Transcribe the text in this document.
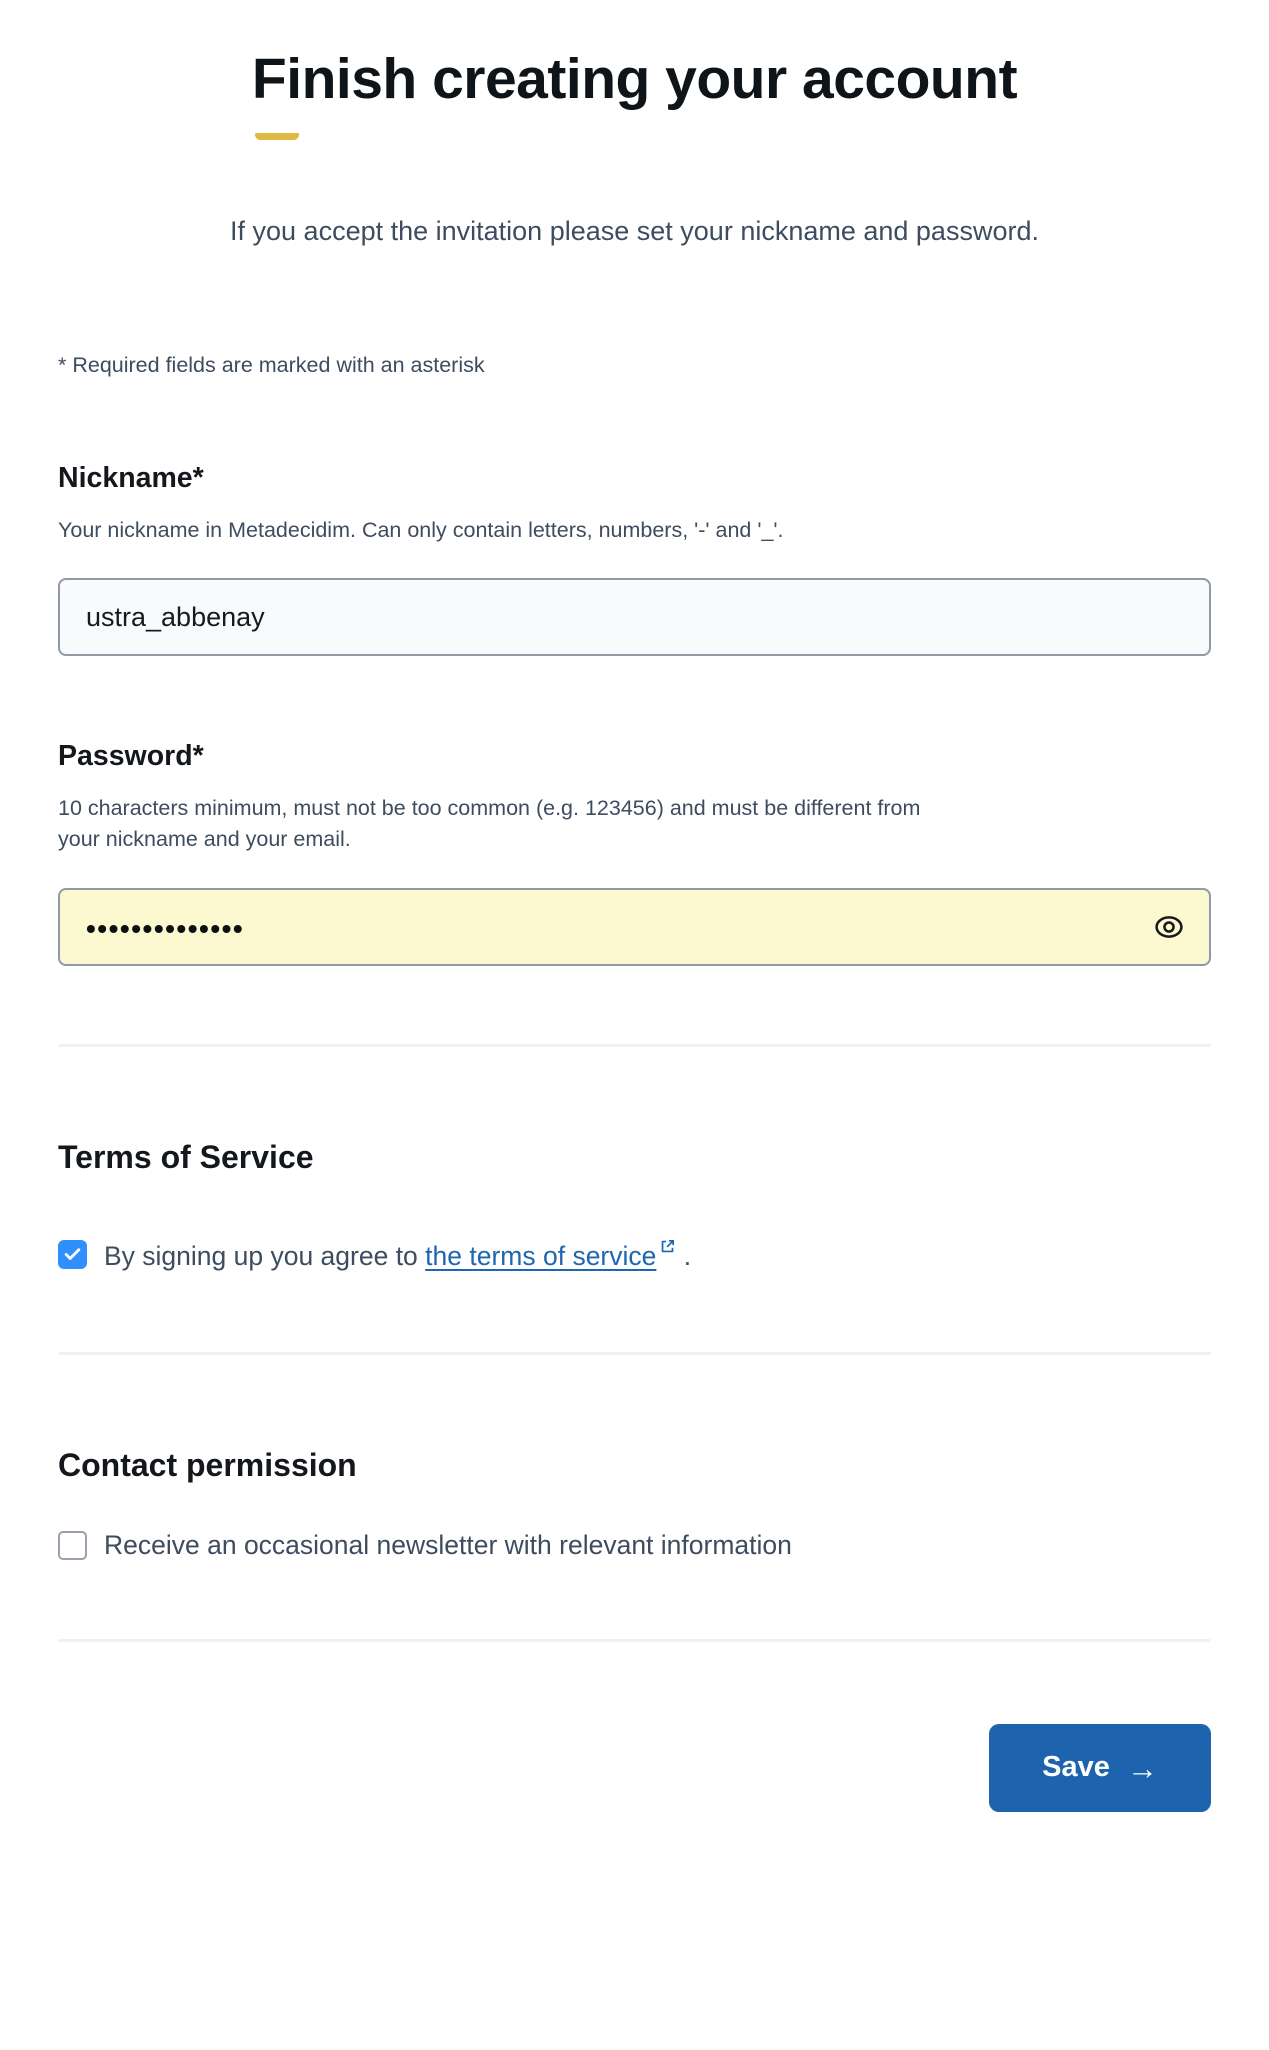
Finish creating your account

If you accept the invitation please set your nickname and password.

* Required fields are marked with an asterisk

Nickname*

Your nickname in Metadecidim. Can only contain letters, numbers, '-' and '_'.

ustra_abbenay
Password*

10 characters minimum, must not be too common (e.g. 123456) and must be different from your nickname and your email.

••••••••••••••
Terms of Service
By signing up you agree to the terms of service .
Contact permission
Receive an occasional newsletter with relevant information
Save →
